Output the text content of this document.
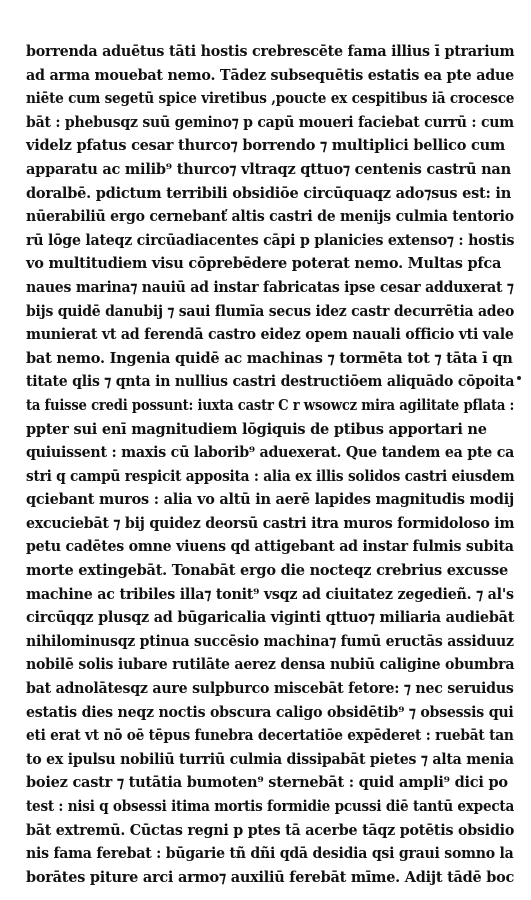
borrenda aduētus tāti hostis crebrescēte fama illius ī ptrarium
ad arma mouebat nemo. Tādez subsequētis estatis ea pte adue
niēte cum segetū spice viretibus ,poucte ex cespitibus iā crocesce
bāt : phebusqz suū gemino⁊ p capū moueri faciebat currū : cum
videlz pfatus cesar thurco⁊ borrendo ⁊ multiplici bellico cum
apparatu ac milib⁹ thurco⁊ vltraqz qttuo⁊ centenis castrū nan
doralbē. pdictum terribili obsidiōe circūquaqz ado⁊sus est: in
nūerabiliū ergo cernebanť altis castri de menijs culmia tentorio
rū lōge lateqz circūadiacentes cāpi p planicies extenso⁊ : hostis
vo multitudiem visu cōprebēdere poterat nemo. Multas pfca
naues marina⁊ nauiū ad instar fabricatas ipse cesar adduxerat ⁊
bijs quidē danubij ⁊ saui flumīa secus idez castr decurrētia adeo
munierat vt ad ferendā castro eidez opem nauali officio vti vale
bat nemo. Ingenia quidē ac machinas ⁊ tormēta tot ⁊ tāta ī qn
titate qlis ⁊ qnta in nullius castri destructiōem aliquādo cōpoita
ta fuisse credi possunt: iuxta castr C r wsowcz mira agilitate pflata :
ppter sui enī magnitudiem lōgiquis de ptibus apportari ne
quiuissent : maxis cū laborib⁹ aduexerat. Que tandem ea pte ca
stri q campū respicit apposita : alia ex illis solidos castri eiusdem
qciebant muros : alia vo altū in aerē lapides magnitudis modij
excuciebāt ⁊ bij quidez deorsū castri itra muros formidoloso im
petu cadētes omne viuens qd attigebant ad instar fulmis subita
morte extingebāt. Tonabāt ergo die nocteqz crebrius excusse
machine ac tribiles illa⁊ tonit⁹ vsqz ad ciuitatez zegedieñ. ⁊ al's
circūqqz plusqz ad būgaricalia viginti qttuo⁊ miliaria audiebāt
nihilominusqz ptinua succēsio machina⁊ fumū eructās assiduuz
nobilē solis iubare rutilāte aerez densa nubiū caligine obumbra
bat adnolātesqz aure sulpburco miscebāt fetore: ⁊ nec seruidus
estatis dies neqz noctis obscura caligo obsidētib⁹ ⁊ obsessis qui
eti erat vt nō oē tēpus funebra decertatiōe expēderet : ruebāt tan
to ex ipulsu nobiliū turriū culmia dissipabāt pietes ⁊ alta menia
boiez castr ⁊ tutātia bumoten⁹ sternebāt : quid ampli⁹ dici po
test : nisi q obsessi itima mortis formidie pcussi diē tantū expecta
bāt extremū. Cūctas regni p ptes tā acerbe tāqz potētis obsidio
nis fama ferebat : būgarie tñ dñi qdā desidia qsi graui somno la
borātes piture arci armo⁊ auxiliū ferebāt mīme. Adijt tādē boc
